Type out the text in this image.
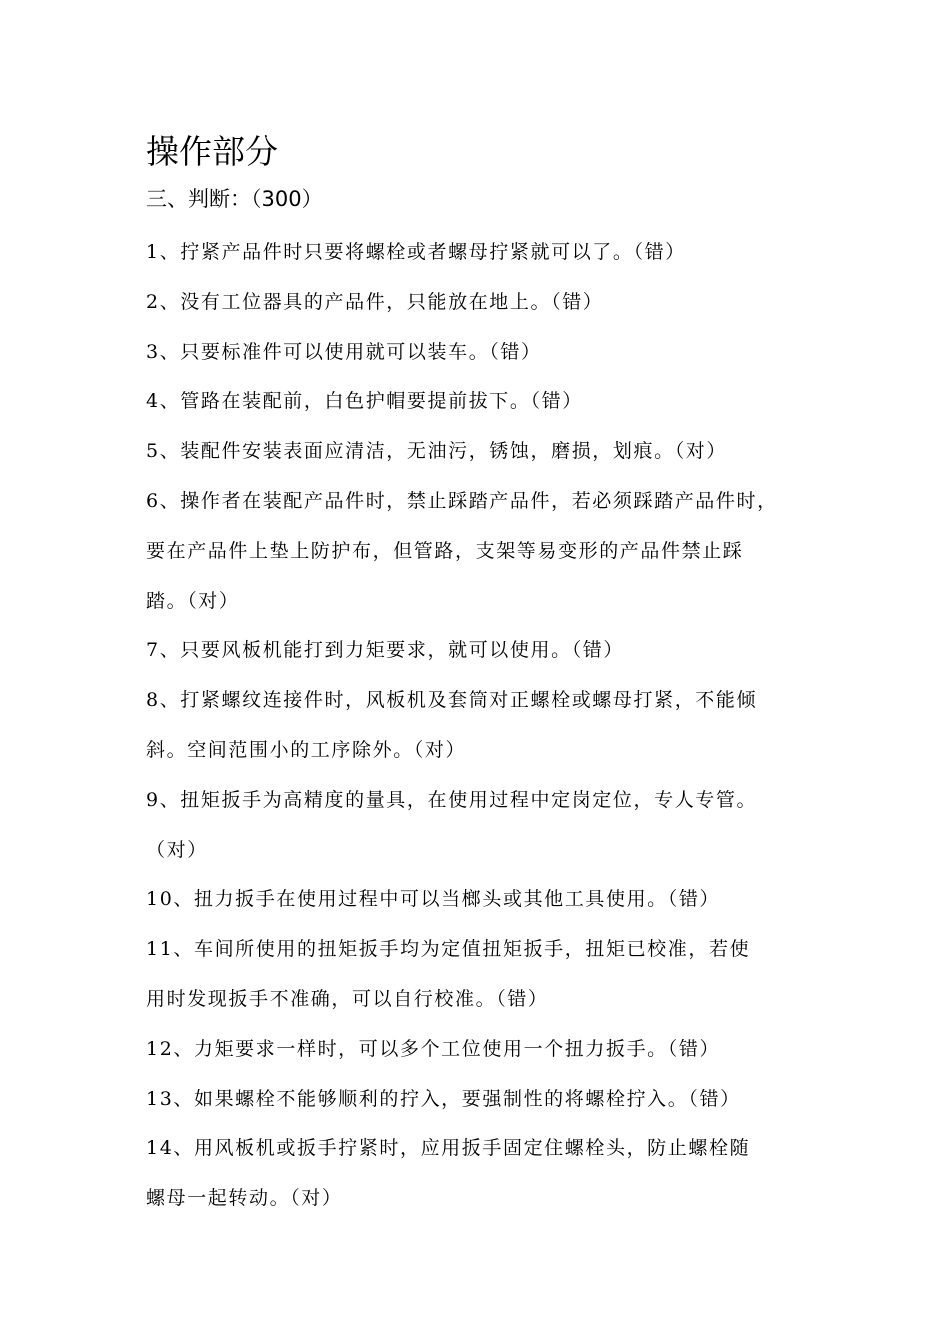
操作部分
三、判断：（300）

1、拧紧产品件时只要将螺栓或者螺母拧紧就可以了。（错）

2、没有工位器具的产品件，只能放在地上。（错）

3、只要标准件可以使用就可以装车。（错）

4、管路在装配前，白色护帽要提前拔下。（错）

5、装配件安装表面应清洁，无油污，锈蚀，磨损，划痕。（对）

6、操作者在装配产品件时，禁止踩踏产品件，若必须踩踏产品件时，

要在产品件上垫上防护布，但管路，支架等易变形的产品件禁止踩

踏。（对）

7、只要风板机能打到力矩要求，就可以使用。（错）

8、打紧螺纹连接件时，风板机及套筒对正螺栓或螺母打紧，不能倾

斜。空间范围小的工序除外。（对）

9、扭矩扳手为高精度的量具，在使用过程中定岗定位，专人专管。

（对）

10、扭力扳手在使用过程中可以当榔头或其他工具使用。（错）

11、车间所使用的扭矩扳手均为定值扭矩扳手，扭矩已校准，若使

用时发现扳手不准确，可以自行校准。（错）

12、力矩要求一样时，可以多个工位使用一个扭力扳手。（错）

13、如果螺栓不能够顺利的拧入，要强制性的将螺栓拧入。（错）

14、用风板机或扳手拧紧时，应用扳手固定住螺栓头，防止螺栓随

螺母一起转动。（对）
